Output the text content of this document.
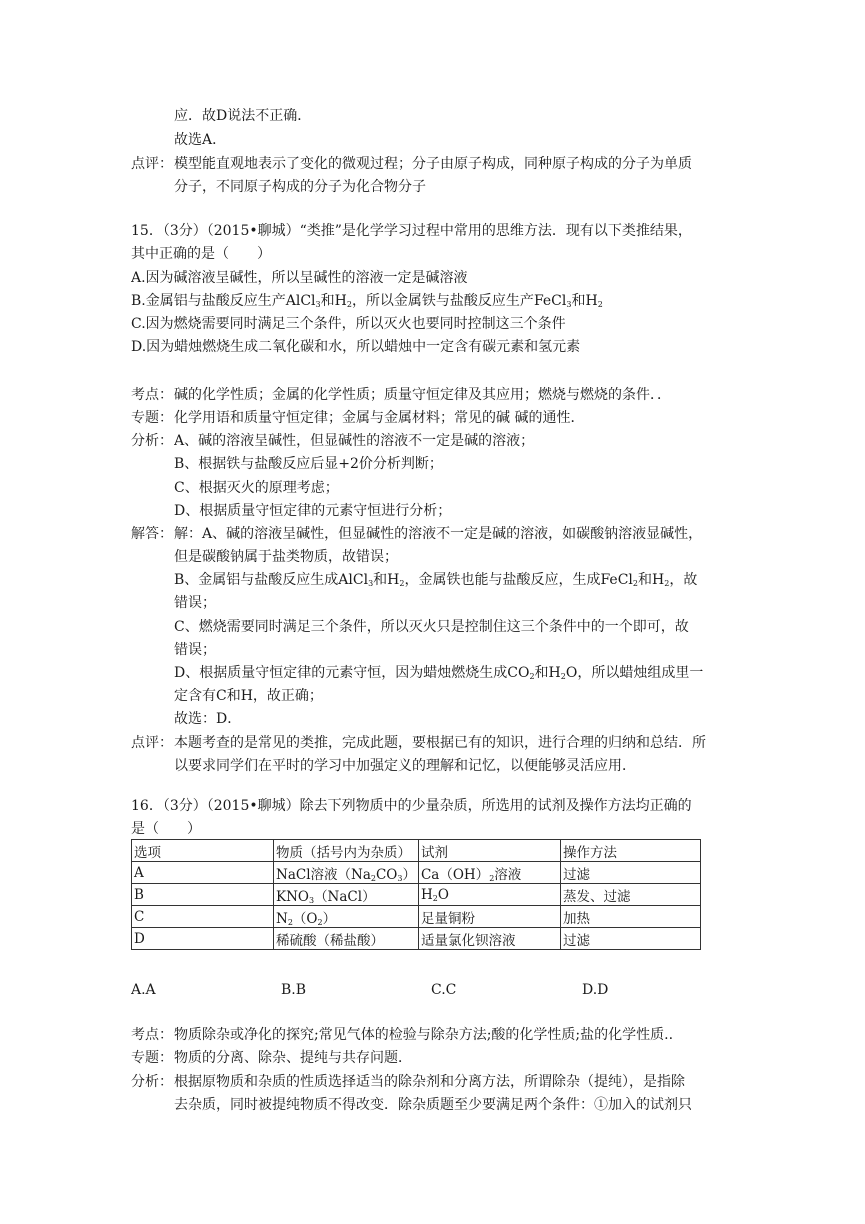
应．故D说法不正确．
故选A．
点评： 模型能直观地表示了变化的微观过程；分子由原子构成，同种原子构成的分子为单质
分子，不同原子构成的分子为化合物分子
15．（3分）（2015•聊城）“类推”是化学学习过程中常用的思维方法．现有以下类推结果，
其中正确的是（　　）
A.因为碱溶液呈碱性，所以呈碱性的溶液一定是碱溶液
B.金属铝与盐酸反应生产AlCl$_3$和$H_2$，所以金属铁与盐酸反应生产FeCl$_3$和$H_2$
C.因为燃烧需要同时满足三个条件，所以灭火也要同时控制这三个条件
D.因为蜡烛燃烧生成二氧化碳和水，所以蜡烛中一定含有碳元素和氢元素
考点： 碱的化学性质；金属的化学性质；质量守恒定律及其应用；燃烧与燃烧的条件．．
专题： 化学用语和质量守恒定律；金属与金属材料；常见的碱 碱的通性．
分析： A、碱的溶液呈碱性，但显碱性的溶液不一定是碱的溶液；
B、根据铁与盐酸反应后显+2价分析判断；
C、根据灭火的原理考虑；
D、根据质量守恒定律的元素守恒进行分析；
解答： 解：A、碱的溶液呈碱性，但显碱性的溶液不一定是碱的溶液，如碳酸钠溶液显碱性，
但是碳酸钠属于盐类物质，故错误；
B、金属铝与盐酸反应生成AlCl$_3$和$H_2$，金属铁也能与盐酸反应，生成FeCl$_2$和$H_2$，故
错误；
C、燃烧需要同时满足三个条件，所以灭火只是控制住这三个条件中的一个即可，故
错误；
D、根据质量守恒定律的元素守恒，因为蜡烛燃烧生成$CO_2$和$H_2O$，所以蜡烛组成里一
定含有C和H，故正确；
故选：D．
点评： 本题考查的是常见的类推，完成此题，要根据已有的知识，进行合理的归纳和总结．所
以要求同学们在平时的学习中加强定义的理解和记忆，以便能够灵活应用．
16．（3分）（2015•聊城）除去下列物质中的少量杂质，所选用的试剂及操作方法均正确的
是（　　）
选项	物质（括号内为杂质）	试剂	操作方法
A	NaCl溶液$(Na_2CO_3)$	$Ca(OH)_2$溶液	过滤
B	$KNO_3(NaCl)$	$H_2O$	蒸发、过滤
C	$N_2(O_2)$	足量铜粉	加热
D	稀硫酸（稀盐酸）	适量氯化钡溶液	过滤
A.A	B.B	C.C	D.D
考点： 物质除杂或净化的探究;常见气体的检验与除杂方法;酸的化学性质;盐的化学性质..
专题： 物质的分离、除杂、提纯与共存问题．
分析： 根据原物质和杂质的性质选择适当的除杂剂和分离方法，所谓除杂（提纯），是指除
去杂质，同时被提纯物质不得改变．除杂质题至少要满足两个条件：①加入的试剂只
